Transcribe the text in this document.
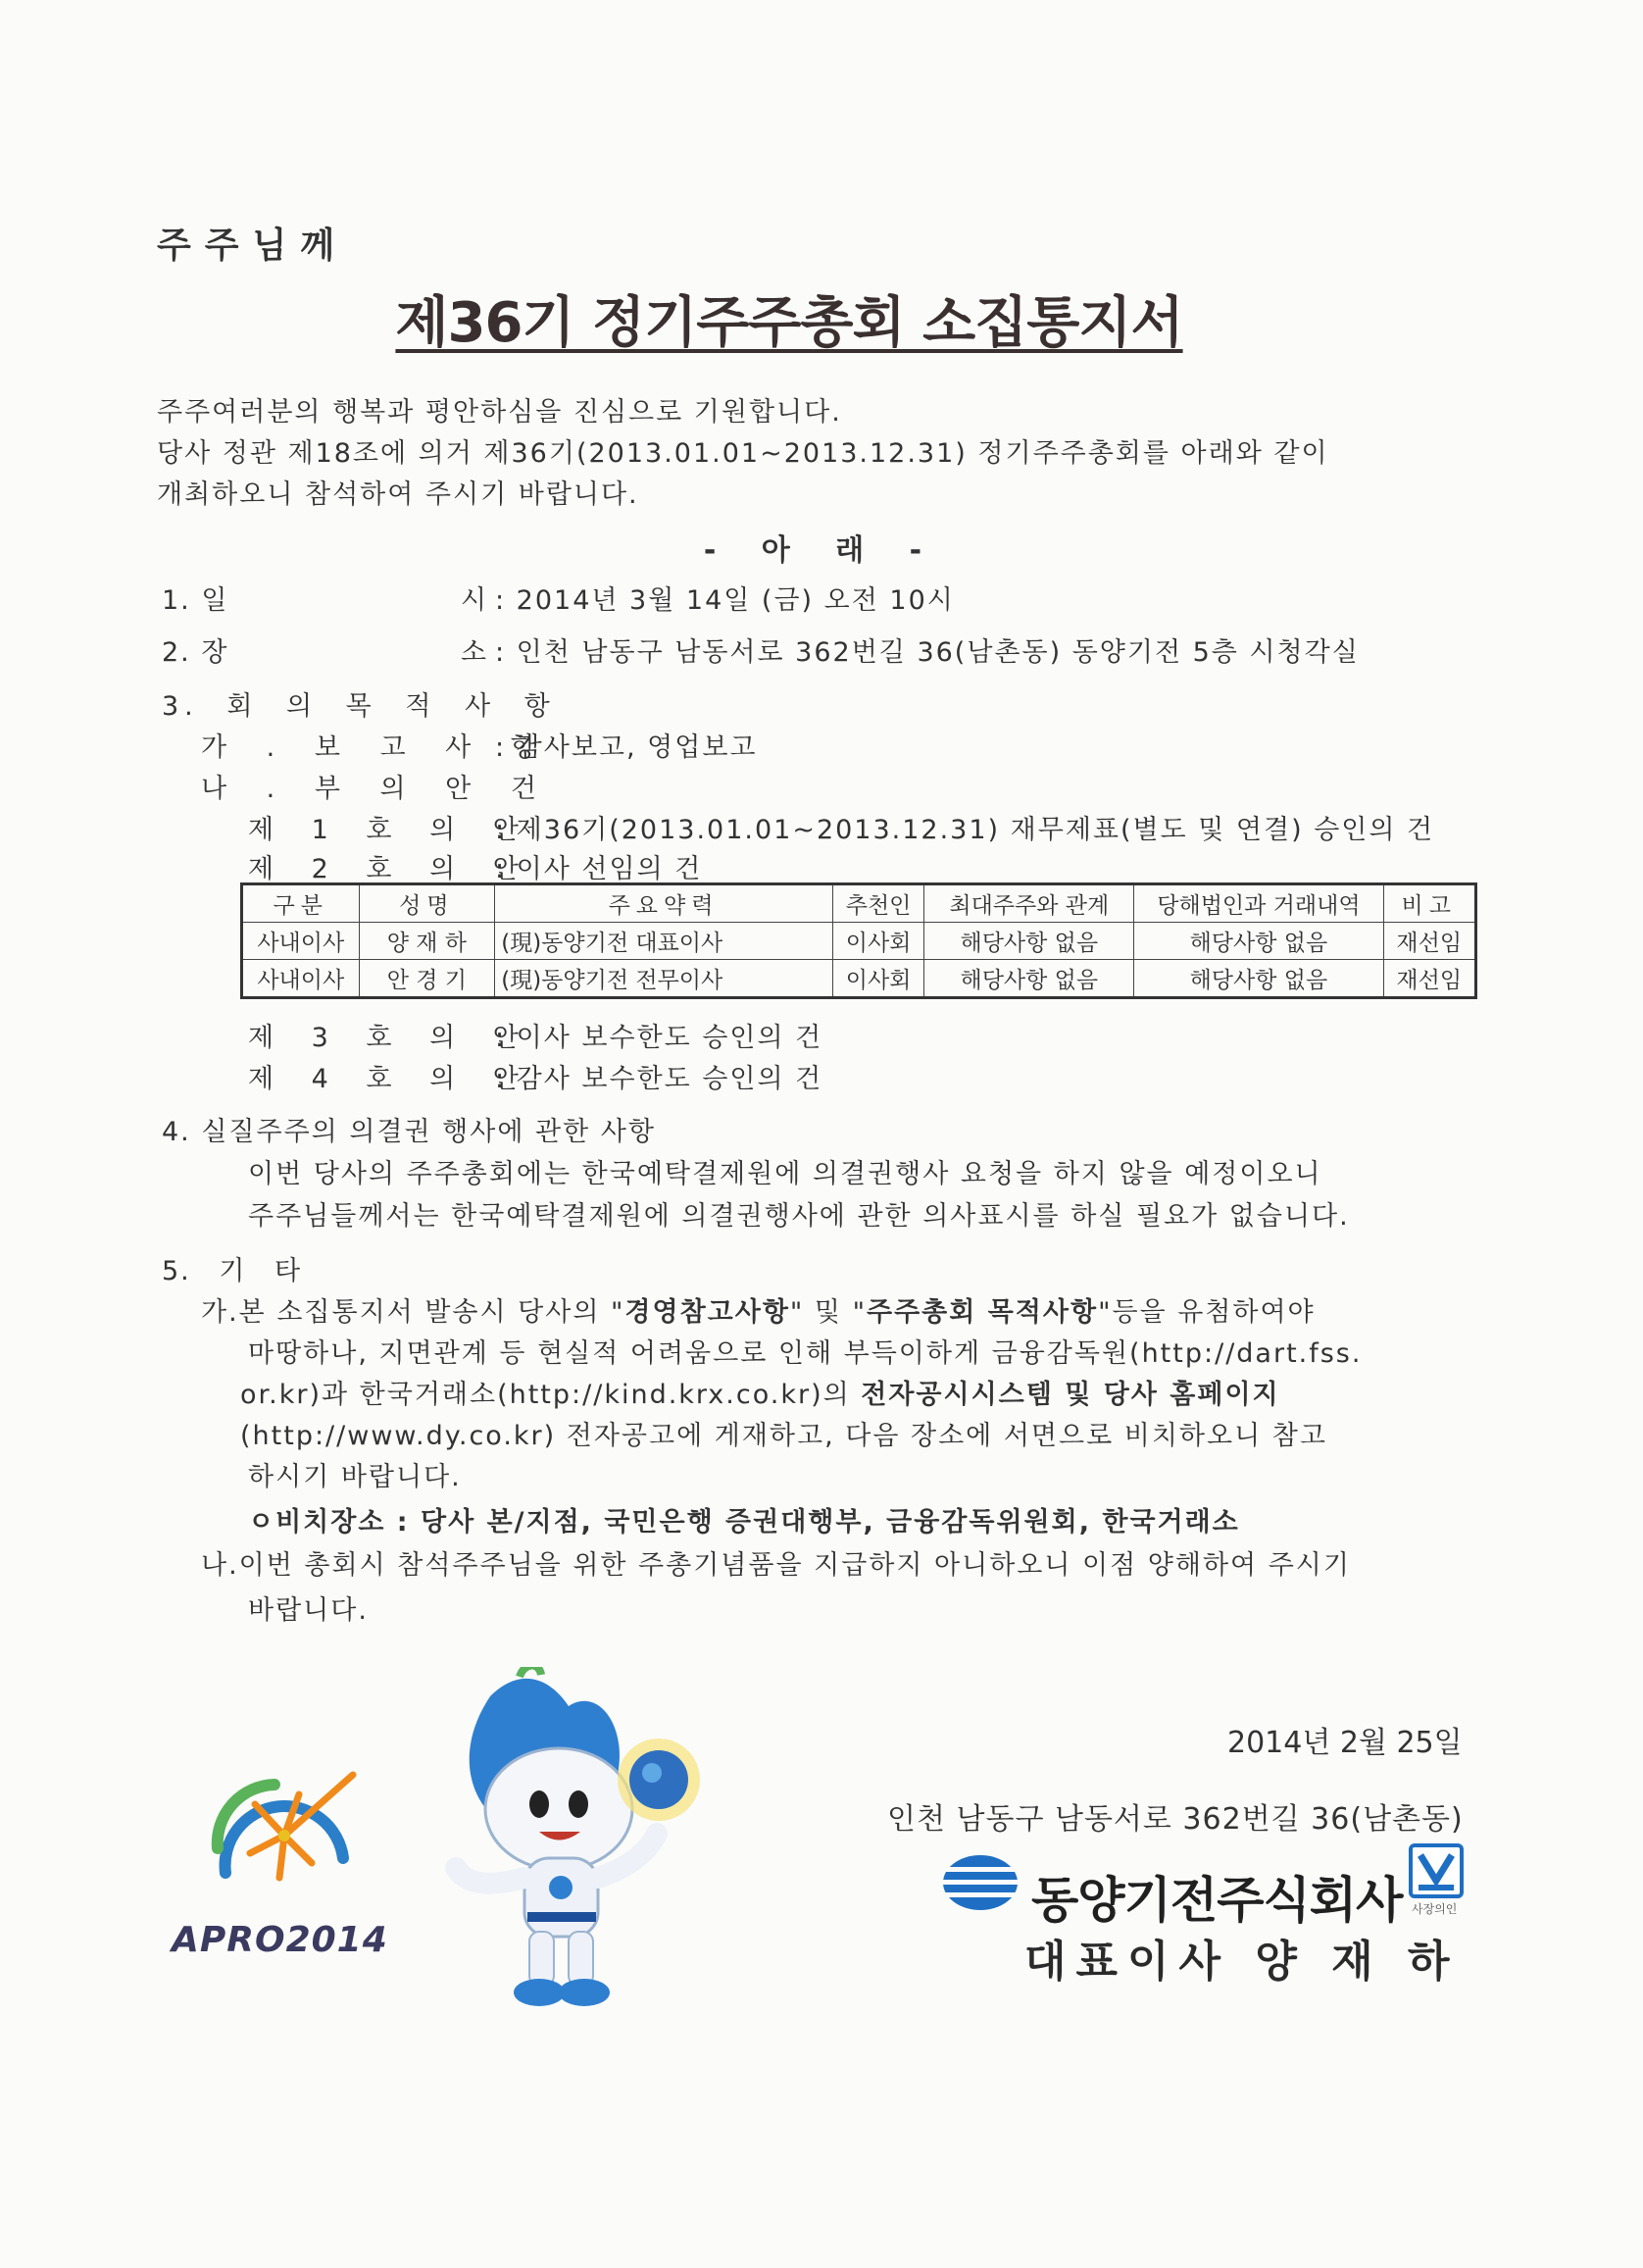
주주님께
제36기 정기주주총회 소집통지서
주주여러분의 행복과 평안하심을 진심으로 기원합니다.
당사 정관 제18조에 의거 제36기(2013.01.01~2013.12.31) 정기주주총회를 아래와 같이
개최하오니 참석하여 주시기 바랍니다.
- 아 래 -
1. 일	시 : 2014년 3월 14일 (금) 오전 10시
2. 장	소 : 인천 남동구 남동서로 362번길 36(남촌동) 동양기전 5층 시청각실
3. 회 의 목 적 사 항
가 . 보 고 사 항
: 감사보고, 영업보고
나 . 부 의 안 건
제 1 호 의 안
: 제36기(2013.01.01~2013.12.31) 재무제표(별도 및 연결) 승인의 건
제 2 호 의 안
: 이사 선임의 건
구분	성명	주요약력	추천인	최대주주와 관계	당해법인과 거래내역	비고
사내이사	양 재 하	(現)동양기전 대표이사	이사회	해당사항 없음	해당사항 없음	재선임
사내이사	안 경 기	(現)동양기전 전무이사	이사회	해당사항 없음	해당사항 없음	재선임
제 3 호 의 안
: 이사 보수한도 승인의 건
제 4 호 의 안
: 감사 보수한도 승인의 건
4. 실질주주의 의결권 행사에 관한 사항
이번 당사의 주주총회에는 한국예탁결제원에 의결권행사 요청을 하지 않을 예정이오니
주주님들께서는 한국예탁결제원에 의결권행사에 관한 의사표시를 하실 필요가 없습니다.
5. 기 타
가.본 소집통지서 발송시 당사의 "경영참고사항" 및 "주주총회 목적사항"등을 유첨하여야
마땅하나, 지면관계 등 현실적 어려움으로 인해 부득이하게 금융감독원(http://dart.fss.
or.kr)과 한국거래소(http://kind.krx.co.kr)의 전자공시시스템 및 당사 홈페이지
(http://www.dy.co.kr) 전자공고에 게재하고, 다음 장소에 서면으로 비치하오니 참고
하시기 바랍니다.
ㅇ비치장소 : 당사 본/지점, 국민은행 증권대행부, 금융감독위원회, 한국거래소
나.이번 총회시 참석주주님을 위한 주총기념품을 지급하지 아니하오니 이점 양해하여 주시기
바랍니다.
APRO2014
2014년 2월 25일
인천 남동구 남동서로 362번길 36(남촌동)
동양기전주식회사 사장의인
대표이사 양 재 하
